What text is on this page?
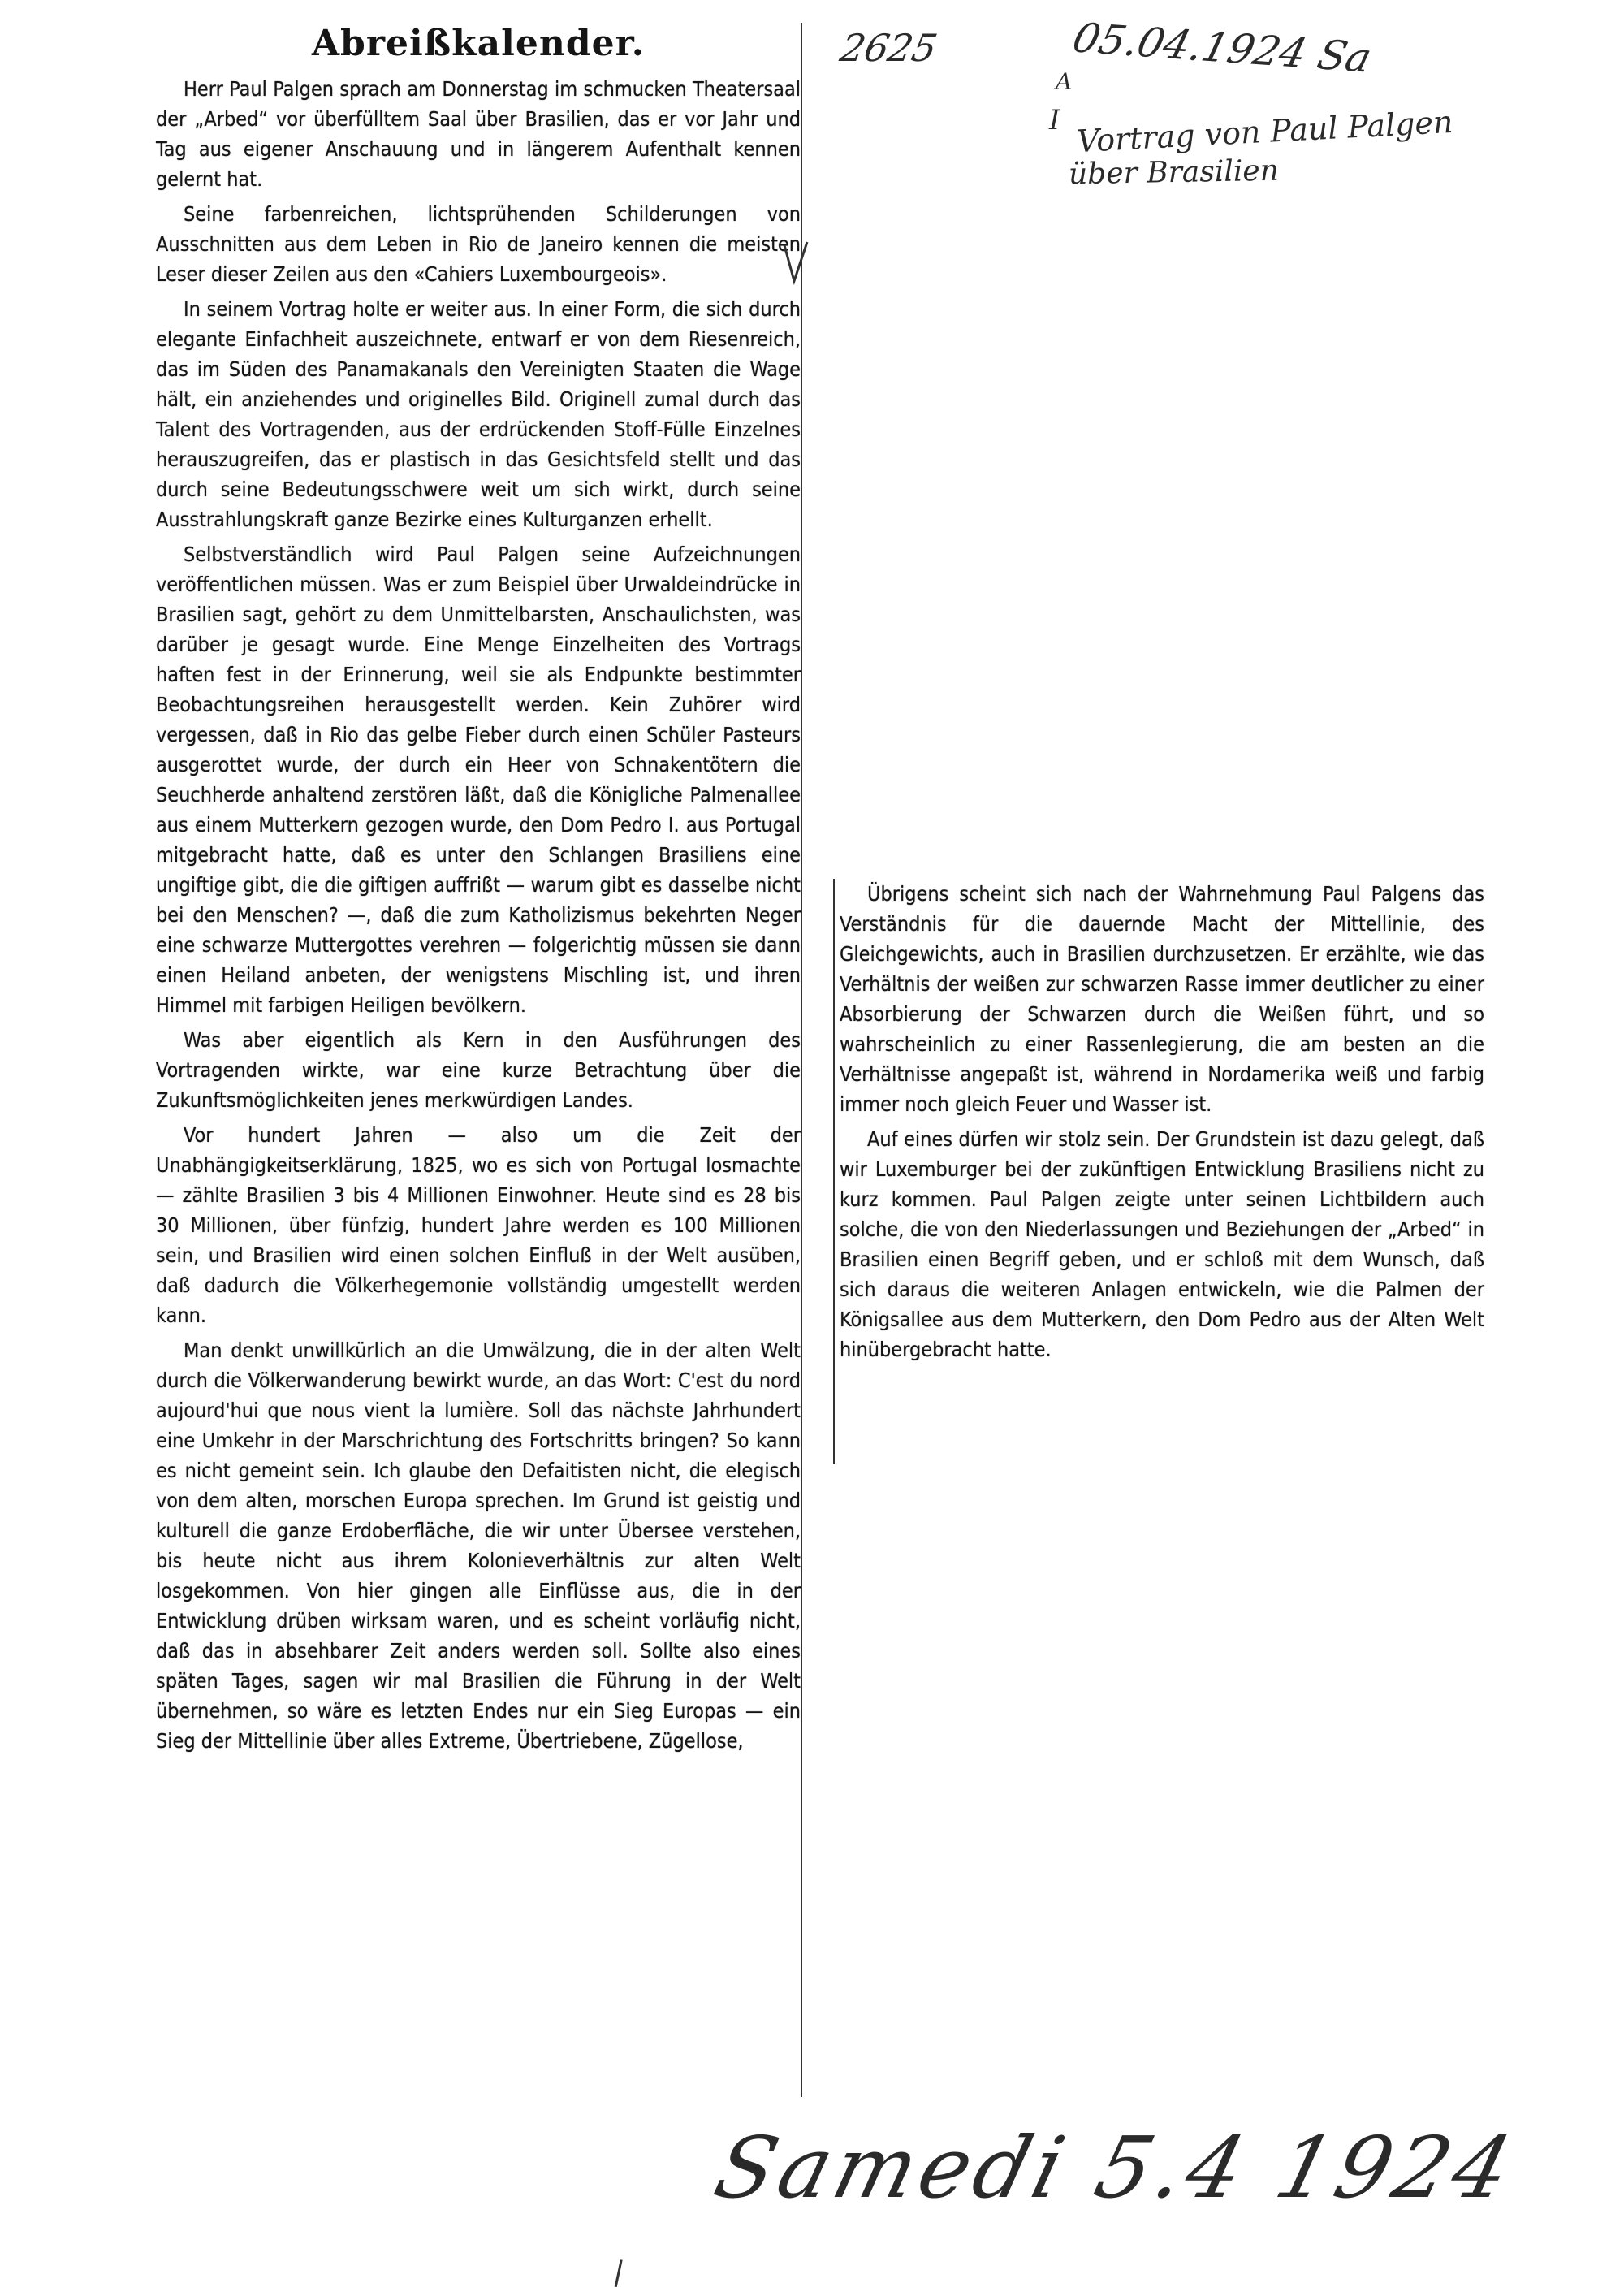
Abreißkalender.

Herr Paul Palgen sprach am Donnerstag im schmucken Theatersaal der „Arbed“ vor überfülltem Saal über Brasilien, das er vor Jahr und Tag aus eigener Anschauung und in längerem Aufenthalt kennen gelernt hat.

Seine farbenreichen, lichtsprühenden Schilderungen von Ausschnitten aus dem Leben in Rio de Janeiro kennen die meisten Leser dieser Zeilen aus den «Cahiers Luxembourgeois».

In seinem Vortrag holte er weiter aus. In einer Form, die sich durch elegante Einfachheit auszeichnete, entwarf er von dem Riesenreich, das im Süden des Panamakanals den Vereinigten Staaten die Wage hält, ein anziehendes und originelles Bild. Originell zumal durch das Talent des Vortragenden, aus der erdrückenden Stoff-Fülle Einzelnes herauszugreifen, das er plastisch in das Gesichtsfeld stellt und das durch seine Bedeutungsschwere weit um sich wirkt, durch seine Ausstrahlungskraft ganze Bezirke eines Kulturganzen erhellt.

Selbstverständlich wird Paul Palgen seine Aufzeichnungen veröffentlichen müssen. Was er zum Beispiel über Urwaldeindrücke in Brasilien sagt, gehört zu dem Unmittelbarsten, Anschaulichsten, was darüber je gesagt wurde. Eine Menge Einzelheiten des Vortrags haften fest in der Erinnerung, weil sie als Endpunkte bestimmter Beobachtungsreihen herausgestellt werden. Kein Zuhörer wird vergessen, daß in Rio das gelbe Fieber durch einen Schüler Pasteurs ausgerottet wurde, der durch ein Heer von Schnakentötern die Seuchherde anhaltend zerstören läßt, daß die Königliche Palmenallee aus einem Mutterkern gezogen wurde, den Dom Pedro I. aus Portugal mitgebracht hatte, daß es unter den Schlangen Brasiliens eine ungiftige gibt, die die giftigen auffrißt — warum gibt es dasselbe nicht bei den Menschen? —, daß die zum Katholizismus bekehrten Neger eine schwarze Muttergottes verehren — folgerichtig müssen sie dann einen Heiland anbeten, der wenigstens Mischling ist, und ihren Himmel mit farbigen Heiligen bevölkern.

Was aber eigentlich als Kern in den Ausführungen des Vortragenden wirkte, war eine kurze Betrachtung über die Zukunftsmöglichkeiten jenes merkwürdigen Landes.

Vor hundert Jahren — also um die Zeit der Unabhängigkeitserklärung, 1825, wo es sich von Portugal losmachte — zählte Brasilien 3 bis 4 Millionen Einwohner. Heute sind es 28 bis 30 Millionen, über fünfzig, hundert Jahre werden es 100 Millionen sein, und Brasilien wird einen solchen Einfluß in der Welt ausüben, daß dadurch die Völkerhegemonie vollständig umgestellt werden kann.

Man denkt unwillkürlich an die Umwälzung, die in der alten Welt durch die Völkerwanderung bewirkt wurde, an das Wort: C'est du nord aujourd'hui que nous vient la lumière. Soll das nächste Jahrhundert eine Umkehr in der Marschrichtung des Fortschritts bringen? So kann es nicht gemeint sein. Ich glaube den Defaitisten nicht, die elegisch von dem alten, morschen Europa sprechen. Im Grund ist geistig und kulturell die ganze Erdoberfläche, die wir unter Übersee verstehen, bis heute nicht aus ihrem Kolonieverhältnis zur alten Welt losgekommen. Von hier gingen alle Einflüsse aus, die in der Entwicklung drüben wirksam waren, und es scheint vorläufig nicht, daß das in absehbarer Zeit anders werden soll. Sollte also eines späten Tages, sagen wir mal Brasilien die Führung in der Welt übernehmen, so wäre es letzten Endes nur ein Sieg Europas — ein Sieg der Mittellinie über alles Extreme, Übertriebene, Zügellose,

Übrigens scheint sich nach der Wahrnehmung Paul Palgens das Verständnis für die dauernde Macht der Mittellinie, des Gleichgewichts, auch in Brasilien durchzusetzen. Er erzählte, wie das Verhältnis der weißen zur schwarzen Rasse immer deutlicher zu einer Absorbierung der Schwarzen durch die Weißen führt, und so wahrscheinlich zu einer Rassenlegierung, die am besten an die Verhältnisse angepaßt ist, während in Nordamerika weiß und farbig immer noch gleich Feuer und Wasser ist.

Auf eines dürfen wir stolz sein. Der Grundstein ist dazu gelegt, daß wir Luxemburger bei der zukünftigen Entwicklung Brasiliens nicht zu kurz kommen. Paul Palgen zeigte unter seinen Lichtbildern auch solche, die von den Niederlassungen und Beziehungen der „Arbed“ in Brasilien einen Begriff geben, und er schloß mit dem Wunsch, daß sich daraus die weiteren Anlagen entwickeln, wie die Palmen der Königsallee aus dem Mutterkern, den Dom Pedro aus der Alten Welt hinübergebracht hatte.

2625	05.04.1924 Sa
A
I Vortrag von Paul Palgen
über Brasilien
Samedi 5.4 1924
